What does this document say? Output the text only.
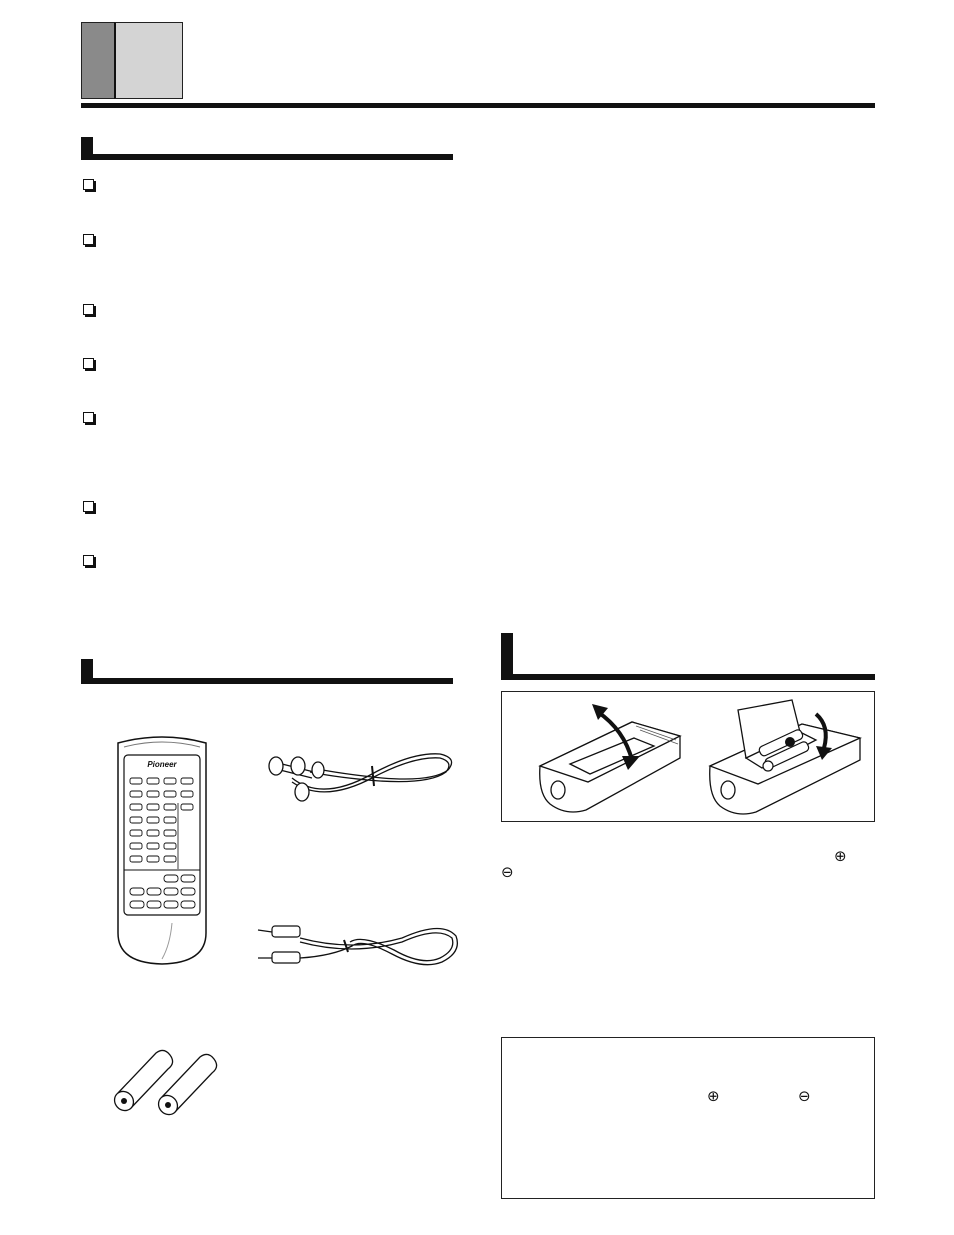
Pioneer
⊕
⊖
⊕	⊖
